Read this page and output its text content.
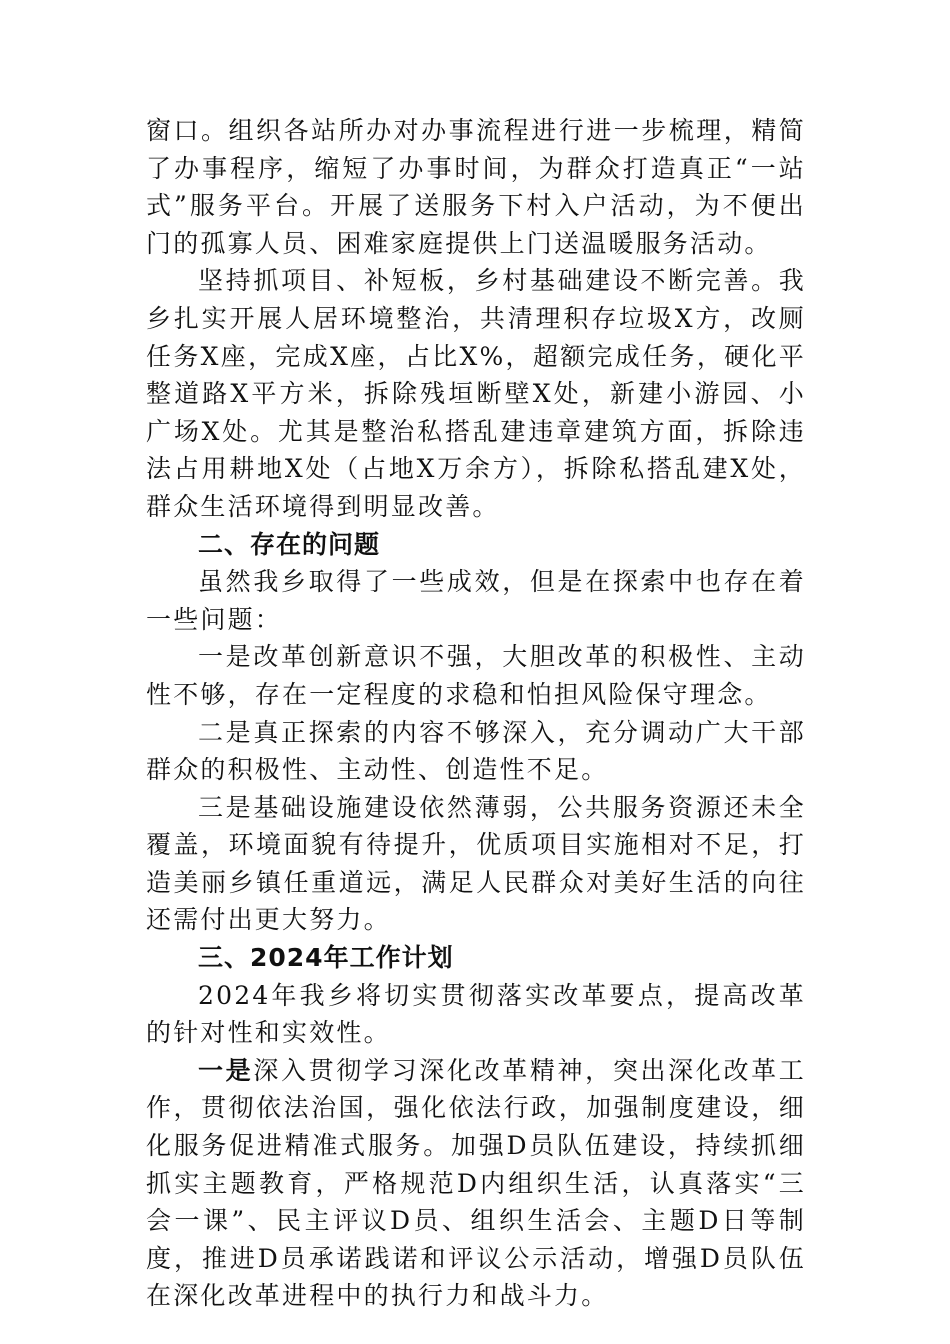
窗口。组织各站所办对办事流程进行进一步梳理，精简了办事程序，缩短了办事时间，为群众打造真正“一站式”服务平台。开展了送服务下村入户活动，为不便出门的孤寡人员、困难家庭提供上门送温暖服务活动。

坚持抓项目、补短板，乡村基础建设不断完善。我乡扎实开展人居环境整治，共清理积存垃圾X方，改厕任务X座，完成X座，占比X%，超额完成任务，硬化平整道路X平方米，拆除残垣断壁X处，新建小游园、小广场X处。尤其是整治私搭乱建违章建筑方面，拆除违法占用耕地X处（占地X万余方），拆除私搭乱建X处，群众生活环境得到明显改善。

二、存在的问题

虽然我乡取得了一些成效，但是在探索中也存在着一些问题：

一是改革创新意识不强，大胆改革的积极性、主动性不够，存在一定程度的求稳和怕担风险保守理念。

二是真正探索的内容不够深入，充分调动广大干部群众的积极性、主动性、创造性不足。

三是基础设施建设依然薄弱，公共服务资源还未全覆盖，环境面貌有待提升，优质项目实施相对不足，打造美丽乡镇任重道远，满足人民群众对美好生活的向往还需付出更大努力。

三、2024年工作计划

2024年我乡将切实贯彻落实改革要点，提高改革的针对性和实效性。

一是深入贯彻学习深化改革精神，突出深化改革工作，贯彻依法治国，强化依法行政，加强制度建设，细化服务促进精准式服务。加强D员队伍建设，持续抓细抓实主题教育，严格规范D内组织生活，认真落实“三会一课”、民主评议D员、组织生活会、主题D日等制度，推进D员承诺践诺和评议公示活动，增强D员队伍在深化改革进程中的执行力和战斗力。
